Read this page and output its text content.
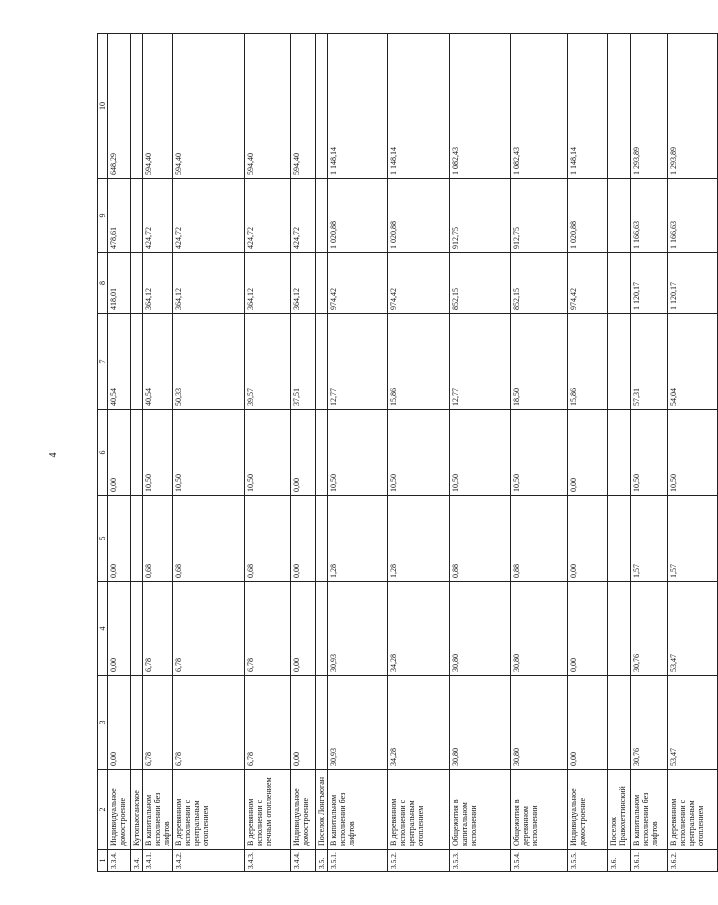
4
1	2	3	4	5	6	7	8	9	10
3.3.4.	Индивидуальное
домостроение	0,00	0,00	0,00	0,00	40,54	418,01	478,61	648,29
3.4.	Кутопьюганское								
3.4.1.	В капитальном
исполнении без
лифтов	6,78	6,78	0,68	10,50	40,54	364,12	424,72	594,40
3.4.2.	В деревянном
исполнении с
центральным
отоплением	6,78	6,78	0,68	10,50	50,33	364,12	424,72	594,40
3.4.3.	В деревянном
исполнении с
печным отоплением	6,78	6,78	0,68	10,50	39,57	364,12	424,72	594,40
3.4.4.	Индивидуальное
домостроение	0,00	0,00	0,00	0,00	37,51	364,12	424,72	594,40
3.5.	Поселок Лонгъюган								
3.5.1.	В капитальном
исполнении без
лифтов	30,93	30,93	1,28	10,50	12,77	974,42	1 020,88	1 148,14
3.5.2.	В деревянном
исполнении с
центральным
отоплением	34,28	34,28	1,28	10,50	15,86	974,42	1 020,88	1 148,14
3.5.3.	Общежития в
капитальном
исполнении	30,80	30,80	0,88	10,50	12,77	852,15	912,75	1 082,43
3.5.4.	Общежития в
деревянном
исполнении	30,80	30,80	0,88	10,50	18,50	852,15	912,75	1 082,43
3.5.5.	Индивидуальное
домостроение	0,00	0,00	0,00	0,00	15,86	974,42	1 020,88	1 148,14
3.6.	Поселок
Правохеттинский								
3.6.1.	В капитальном
исполнении без
лифтов	30,76	30,76	1,57	10,50	57,31	1 120,17	1 166,63	1 293,89
3.6.2.	В деревянном
исполнении с
центральным
отоплением	53,47	53,47	1,57	10,50	54,04	1 120,17	1 166,63	1 293,89
